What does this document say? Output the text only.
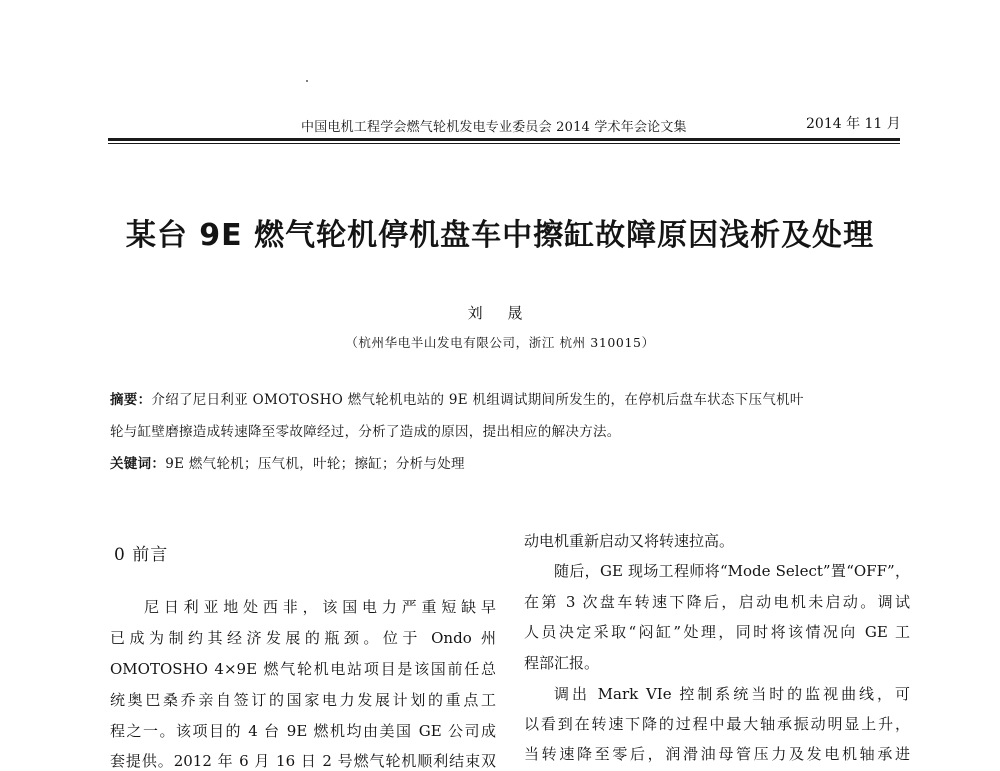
中国电机工程学会燃气轮机发电专业委员会 2014 学术年会论文集	2014 年 11 月
某台 9E 燃气轮机停机盘车中擦缸故障原因浅析及处理
刘 晟
（杭州华电半山发电有限公司，浙江 杭州 310015）
摘要：介绍了尼日利亚 OMOTOSHO 燃气轮机电站的 9E 机组调试期间所发生的，在停机后盘车状态下压气机叶
轮与缸壁磨擦造成转速降至零故障经过，分析了造成的原因，提出相应的解决方法。
关键词：9E 燃气轮机；压气机，叶轮；擦缸；分析与处理
0 前言
尼日利亚地处西非，该国电力严重短缺早
已成为制约其经济发展的瓶颈。位于 Ondo 州
OMOTOSHO 4×9E 燃气轮机电站项目是该国前任总
统奥巴桑乔亲自签订的国家电力发展计划的重点工
程之一。该项目的 4 台 9E 燃机均由美国 GE 公司成
套提供。2012 年 6 月 16 日 2 号燃气轮机顺利结束双
动电机重新启动又将转速拉高。
随后，GE 现场工程师将“Mode Select”置“OFF”，
在第 3 次盘车转速下降后，启动电机未启动。调试
人员决定采取“闷缸”处理，同时将该情况向 GE 工
程部汇报。
调出 Mark VIe 控制系统当时的监视曲线，可
以看到在转速下降的过程中最大轴承振动明显上升，
当转速降至零后，润滑油母管压力及发电机轴承进
